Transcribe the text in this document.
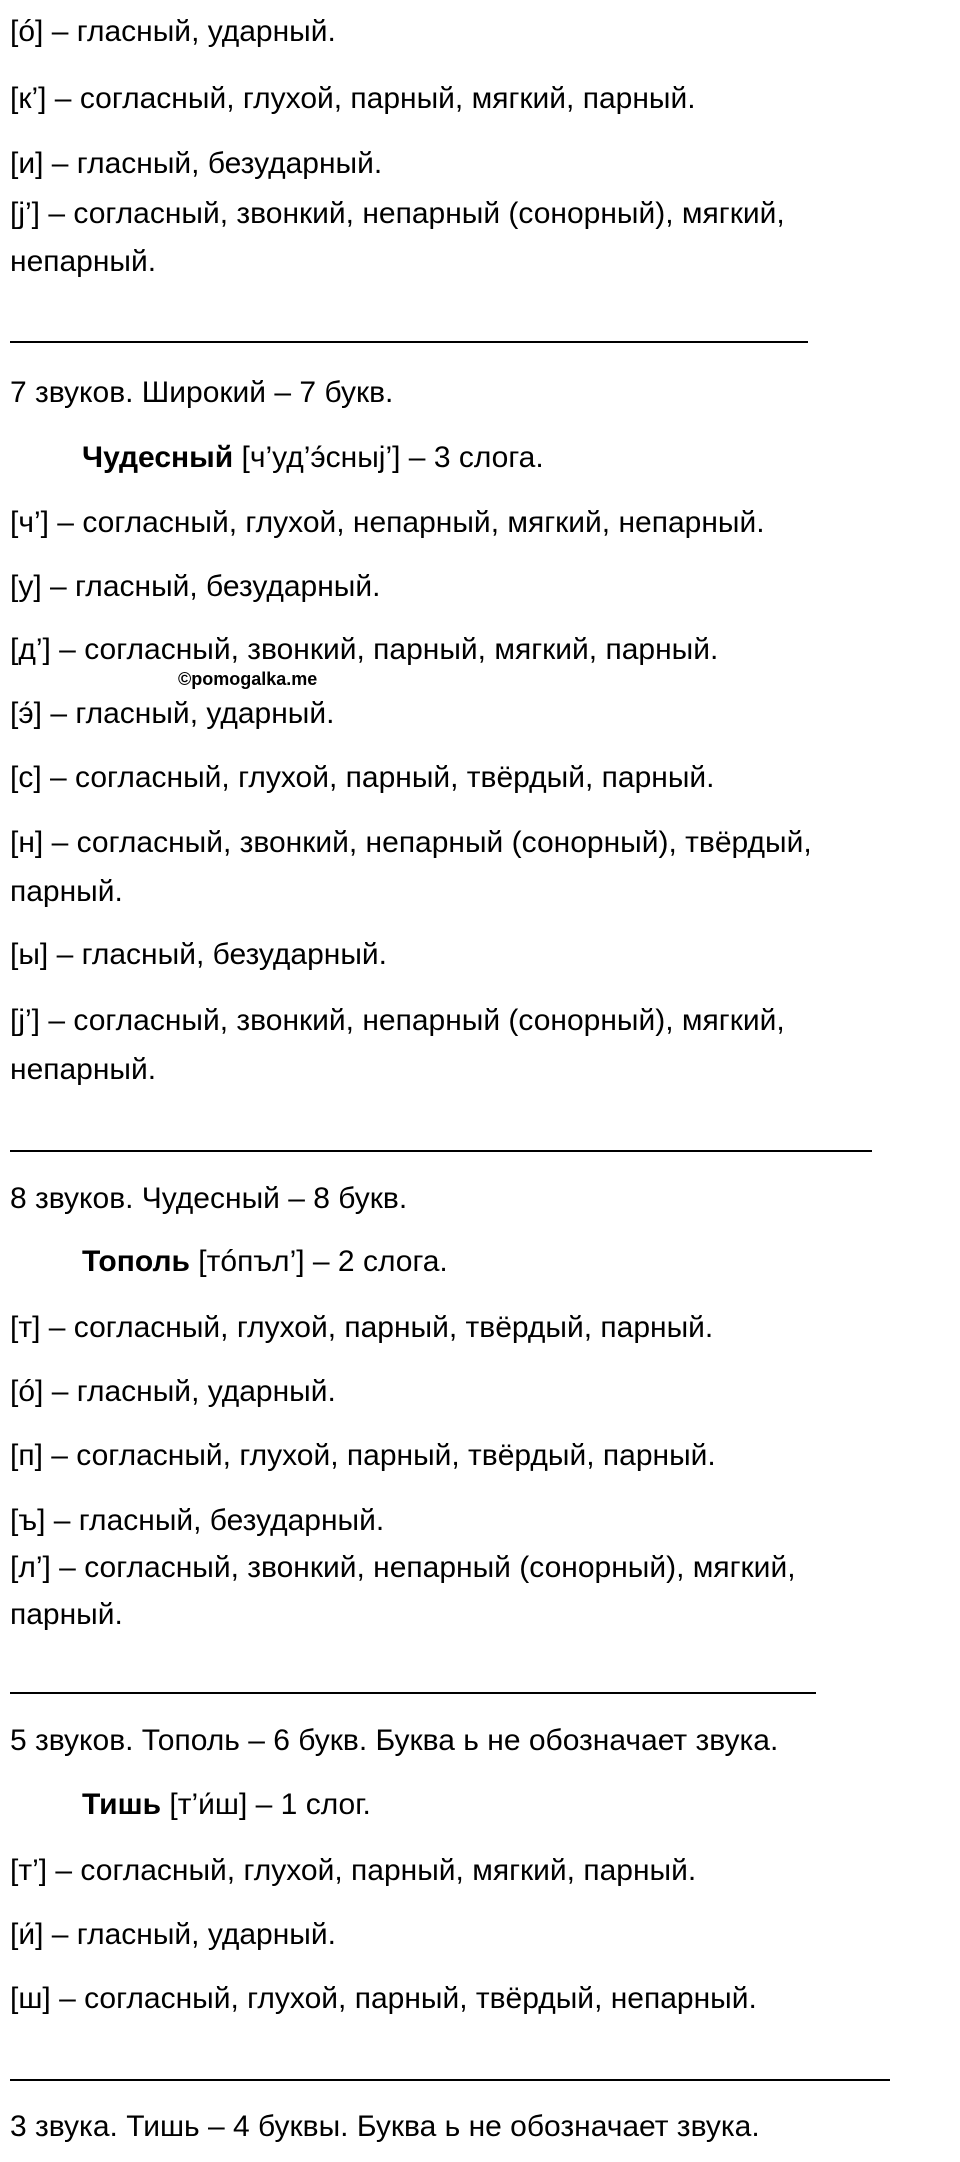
[ó] – гласный, ударный.
[к’] – согласный, глухой, парный, мягкий, парный.
[и] – гласный, безударный.
[j’] – согласный, звонкий, непарный (сонорный), мягкий,
непарный.
7 звуков. Широкий – 7 букв.
Чудесный [ч’уд’э́сныj’] – 3 слога.
[ч’] – согласный, глухой, непарный, мягкий, непарный.
[у] – гласный, безударный.
[д’] – согласный, звонкий, парный, мягкий, парный.
©pomogalka.me
[э́] – гласный, ударный.
[с] – согласный, глухой, парный, твёрдый, парный.
[н] – согласный, звонкий, непарный (сонорный), твёрдый,
парный.
[ы] – гласный, безударный.
[j’] – согласный, звонкий, непарный (сонорный), мягкий,
непарный.
8 звуков. Чудесный – 8 букв.
Тополь [тóпъл’] – 2 слога.
[т] – согласный, глухой, парный, твёрдый, парный.
[ó] – гласный, ударный.
[п] – согласный, глухой, парный, твёрдый, парный.
[ъ] – гласный, безударный.
[л’] – согласный, звонкий, непарный (сонорный), мягкий,
парный.
5 звуков. Тополь – 6 букв. Буква ь не обозначает звука.
Тишь [т’и́ш] – 1 слог.
[т’] – согласный, глухой, парный, мягкий, парный.
[и́] – гласный, ударный.
[ш] – согласный, глухой, парный, твёрдый, непарный.
3 звука. Тишь – 4 буквы. Буква ь не обозначает звука.
